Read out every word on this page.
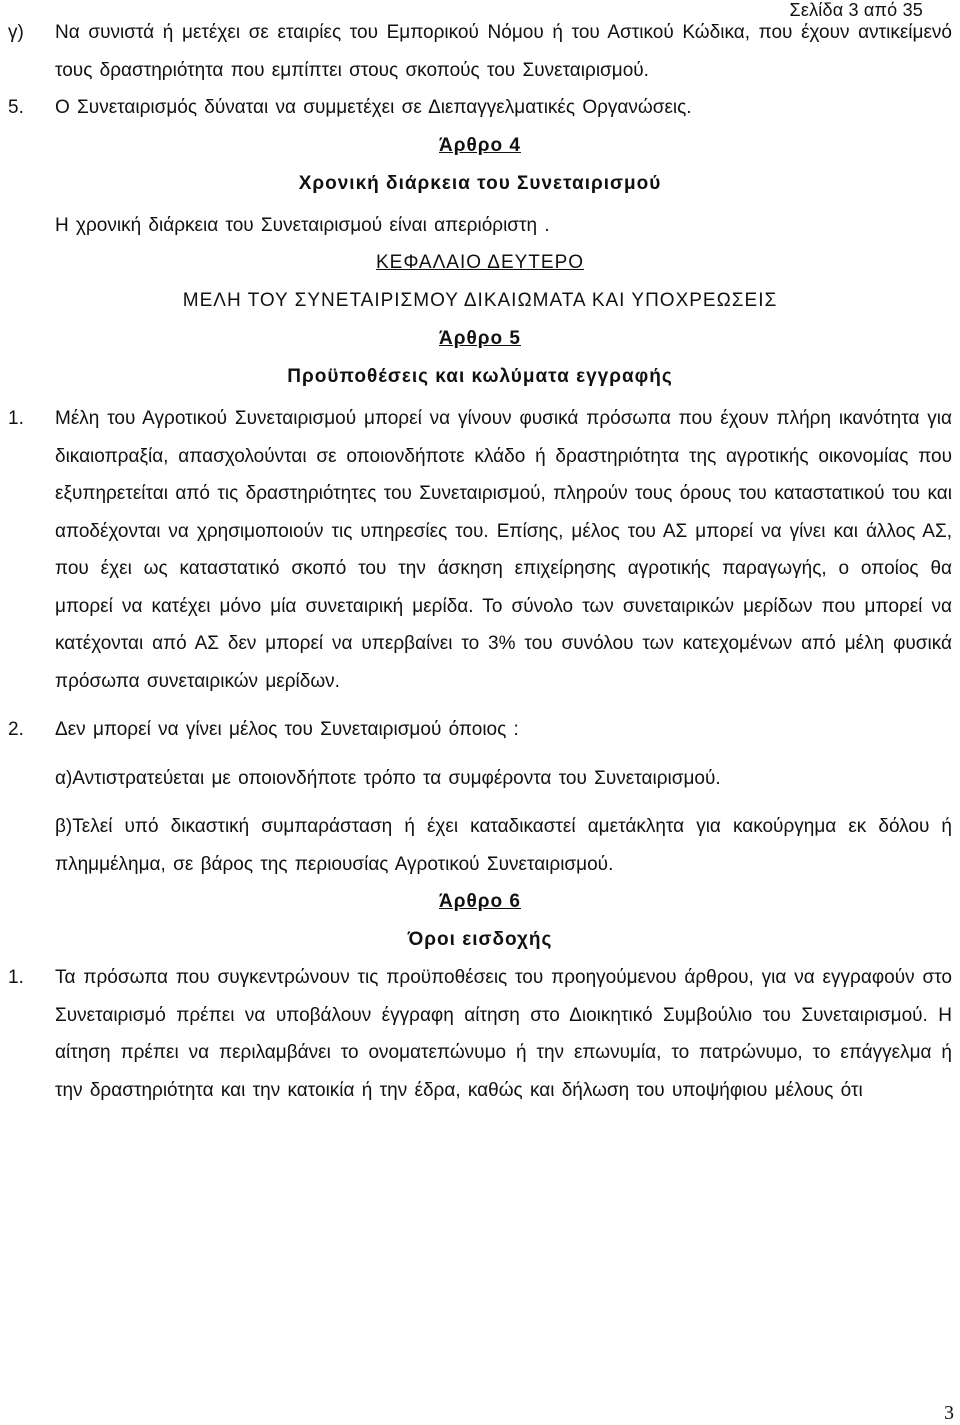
Σελίδα 3 από 35
γ)	Να συνιστά ή μετέχει σε εταιρίες του Εμπορικού Νόμου ή του Αστικού Κώδικα, που έχουν αντικείμενό τους δραστηριότητα που εμπίπτει στους σκοπούς του Συνεταιρισμού.

5.	Ο Συνεταιρισμός δύναται να συμμετέχει σε Διεπαγγελματικές Οργανώσεις.

Άρθρο 4

Χρονική διάρκεια του Συνεταιρισμού

Η χρονική διάρκεια του Συνεταιρισμού είναι απεριόριστη .

ΚΕΦΑΛΑΙΟ ΔΕΥΤΕΡΟ

ΜΕΛΗ ΤΟΥ ΣΥΝΕΤΑΙΡΙΣΜΟΥ ΔΙΚΑΙΩΜΑΤΑ ΚΑΙ ΥΠΟΧΡΕΩΣΕΙΣ

Άρθρο 5

Προϋποθέσεις και κωλύματα εγγραφής

1.	Μέλη του Αγροτικού Συνεταιρισμού μπορεί να γίνουν φυσικά πρόσωπα που έχουν πλήρη ικανότητα για δικαιοπραξία, απασχολούνται σε οποιονδήποτε κλάδο ή δραστηριότητα της αγροτικής οικονομίας που εξυπηρετείται από τις δραστηριότητες του Συνεταιρισμού, πληρούν τους όρους του καταστατικού του και αποδέχονται να χρησιμοποιούν τις υπηρεσίες του. Επίσης, μέλος του ΑΣ μπορεί να γίνει και άλλος ΑΣ, που έχει ως καταστατικό σκοπό του την άσκηση επιχείρησης αγροτικής παραγωγής, ο οποίος θα μπορεί να κατέχει μόνο μία συνεταιρική μερίδα. Το σύνολο των συνεταιρικών μερίδων που μπορεί να κατέχονται από ΑΣ δεν μπορεί να υπερβαίνει το 3% του συνόλου των κατεχομένων από μέλη φυσικά πρόσωπα συνεταιρικών μερίδων.

2.	Δεν μπορεί να γίνει μέλος του Συνεταιρισμού όποιος :

α)Αντιστρατεύεται με οποιονδήποτε τρόπο τα συμφέροντα του Συνεταιρισμού.

β)Τελεί υπό δικαστική συμπαράσταση ή έχει καταδικαστεί αμετάκλητα για κακούργημα εκ δόλου ή πλημμέλημα, σε βάρος της περιουσίας Αγροτικού Συνεταιρισμού.

Άρθρο 6

Όροι εισδοχής

1.	Τα πρόσωπα που συγκεντρώνουν τις προϋποθέσεις του προηγούμενου άρθρου, για να εγγραφούν στο Συνεταιρισμό πρέπει να υποβάλουν έγγραφη αίτηση στο Διοικητικό Συμβούλιο του Συνεταιρισμού. Η αίτηση πρέπει να περιλαμβάνει το ονοματεπώνυμο ή την επωνυμία, το πατρώνυμο, το επάγγελμα ή την δραστηριότητα και την κατοικία ή την έδρα, καθώς και δήλωση του υποψήφιου μέλους ότι

3
